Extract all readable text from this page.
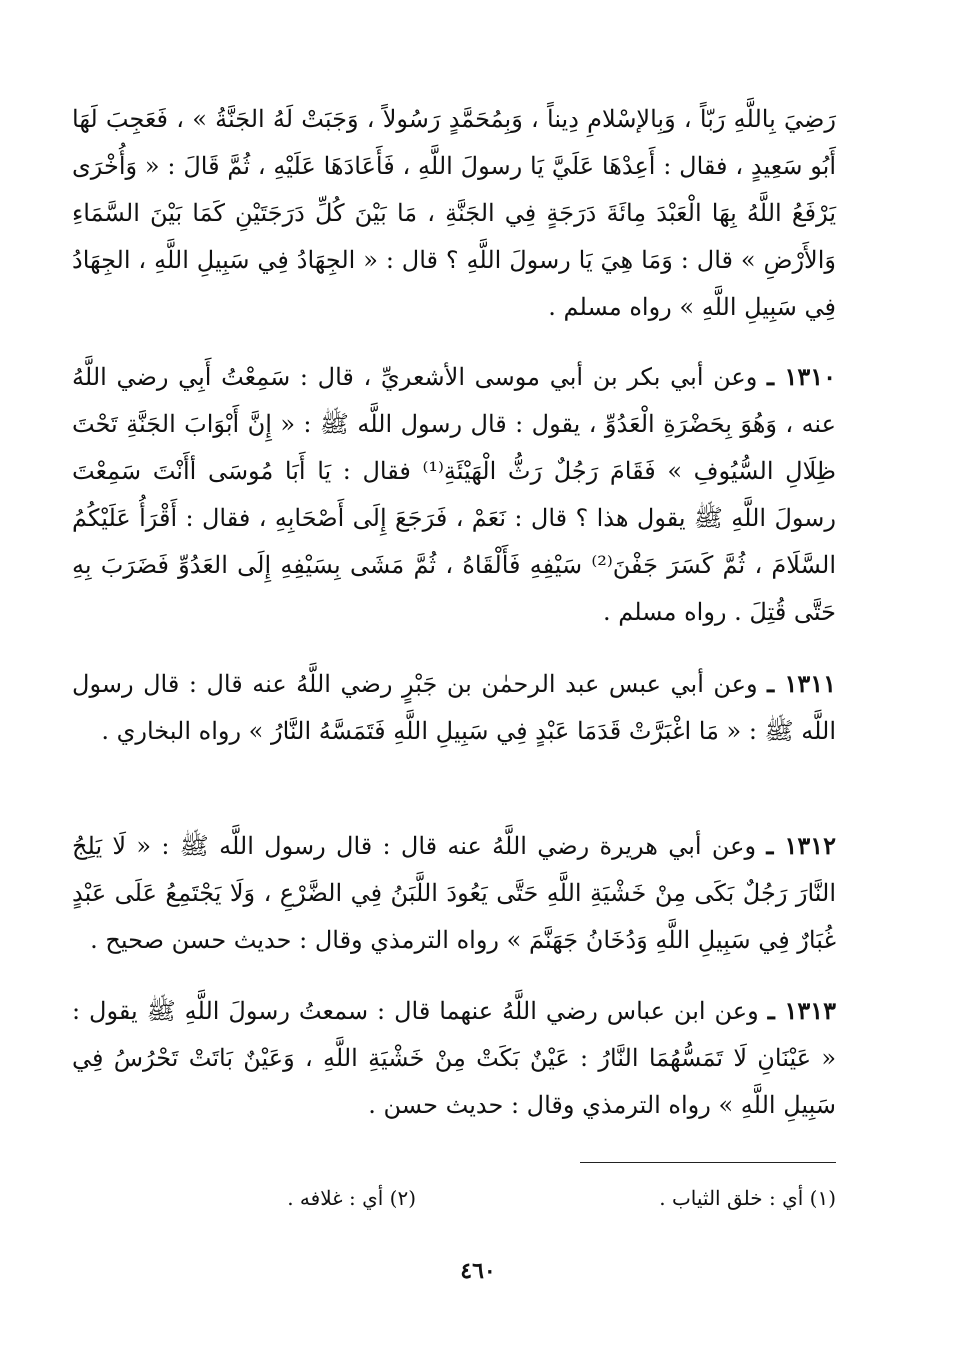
رَضِيَ بِاللَّهِ رَبّاً ، وَبِالإسْلامِ دِيناً ، وَبِمُحَمَّدٍ رَسُولاً ، وَجَبَتْ لَهُ الجَنَّةُ » ، فَعَجِبَ لَهَا أَبُو سَعِيدٍ ، فقال : أَعِدْهَا عَلَيَّ يَا رسولَ اللَّهِ ، فَأَعَادَهَا عَلَيْهِ ، ثُمَّ قَالَ : « وَأُخْرَى يَرْفَعُ اللَّهُ بِهَا الْعَبْدَ مِائَةَ دَرَجَةٍ فِي الجَنَّةِ ، مَا بَيْنَ كُلِّ دَرَجَتَيْنِ كَمَا بَيْنَ السَّمَاءِ وَالأَرْضِ » قال : وَمَا هِيَ يَا رسولَ اللَّهِ ؟ قال : « الجِهَادُ فِي سَبِيلِ اللَّهِ ، الجِهَادُ فِي سَبِيلِ اللَّهِ » رواه مسلم .

١٣١٠ ـ وعن أبي بكر بن أبي موسى الأشعريِّ ، قال : سَمِعْتُ أَبِي رضي اللَّهُ عنه ، وَهُوَ بِحَضْرَةِ الْعَدُوِّ ، يقول : قال رسول اللَّه ﷺ : « إِنَّ أَبْوَابَ الجَنَّةِ تَحْتَ ظِلَالِ السُّيُوفِ » فَقَامَ رَجُلٌ رَثُّ الْهَيْئَةِ⁽¹⁾ فقال : يَا أَبَا مُوسَى أأَنْتَ سَمِعْتَ رسولَ اللَّهِ ﷺ يقول هذا ؟ قال : نَعَمْ ، فَرَجَعَ إِلَى أَصْحَابِهِ ، فقال : أَقْرَأُ عَلَيْكُمُ السَّلَامَ ، ثُمَّ كَسَرَ جَفْنَ⁽²⁾ سَيْفِهِ فَأَلْقَاهُ ، ثُمَّ مَشَى بِسَيْفِهِ إِلَى العَدُوِّ فَضَرَبَ بِهِ حَتَّى قُتِلَ . رواه مسلم .

١٣١١ ـ وعن أبي عبس عبد الرحمٰن بن جَبْرٍ رضي اللَّهُ عنه قال : قال رسول اللَّه ﷺ : « مَا اغْبَرَّتْ قَدَمَا عَبْدٍ فِي سَبِيلِ اللَّهِ فَتَمَسَّهُ النَّارُ » رواه البخاري .

١٣١٢ ـ وعن أبي هريرة رضي اللَّهُ عنه قال : قال رسول اللَّه ﷺ : « لَا يَلِجُ النَّارَ رَجُلٌ بَكَى مِنْ خَشْيَةِ اللَّهِ حَتَّى يَعُودَ اللَّبَنُ فِي الضَّرْعِ ، وَلَا يَجْتَمِعُ عَلَى عَبْدٍ غُبَارٌ فِي سَبِيلِ اللَّهِ وَدُخَانُ جَهَنَّمَ » رواه الترمذي وقال : حديث حسن صحيح .

١٣١٣ ـ وعن ابن عباس رضي اللَّهُ عنهما قال : سمعتُ رسولَ اللَّهِ ﷺ يقول : « عَيْنَانِ لَا تَمَسُّهُمَا النَّارُ : عَيْنٌ بَكَتْ مِنْ خَشْيَةِ اللَّهِ ، وَعَيْنٌ بَاتَتْ تَحْرُسُ فِي سَبِيلِ اللَّهِ » رواه الترمذي وقال : حديث حسن .

(١) أي : خلق الثياب .
(٢) أي : غلافه .
٤٦٠
